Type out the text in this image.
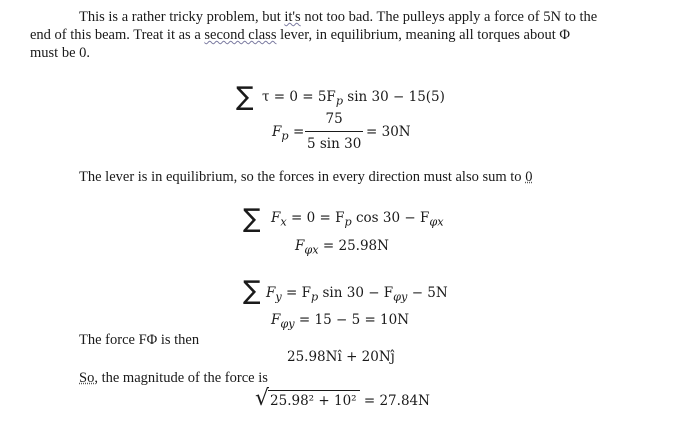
This is a rather tricky problem, but it's not too bad. The pulleys apply a force of 5N to the
end of this beam. Treat it as a second class lever, in equilibrium, meaning all torques about Φ
must be 0.
∑ $\tau = 0 = 5F_p$ sin 30 − 15(5)
$F_p = \frac{75}{5 \sin 30} = 30N$
The lever is in equilibrium, so the forces in every direction must also sum to 0
∑ $F_x = 0 = F_p$ $\cos 30 - F_{\varphi x}$
$F_{\varphi x} = 25.98N$
∑ $F_y = F_p$ $\sin 30 - F_{\varphi y} - 5N$
$F_{\varphi y} = 15 - 5 = 10N$
The force FΦ is then
25.98Nî + 20Nĵ
So, the magnitude of the force is
√ 25.98² + 10² = 27.84N
